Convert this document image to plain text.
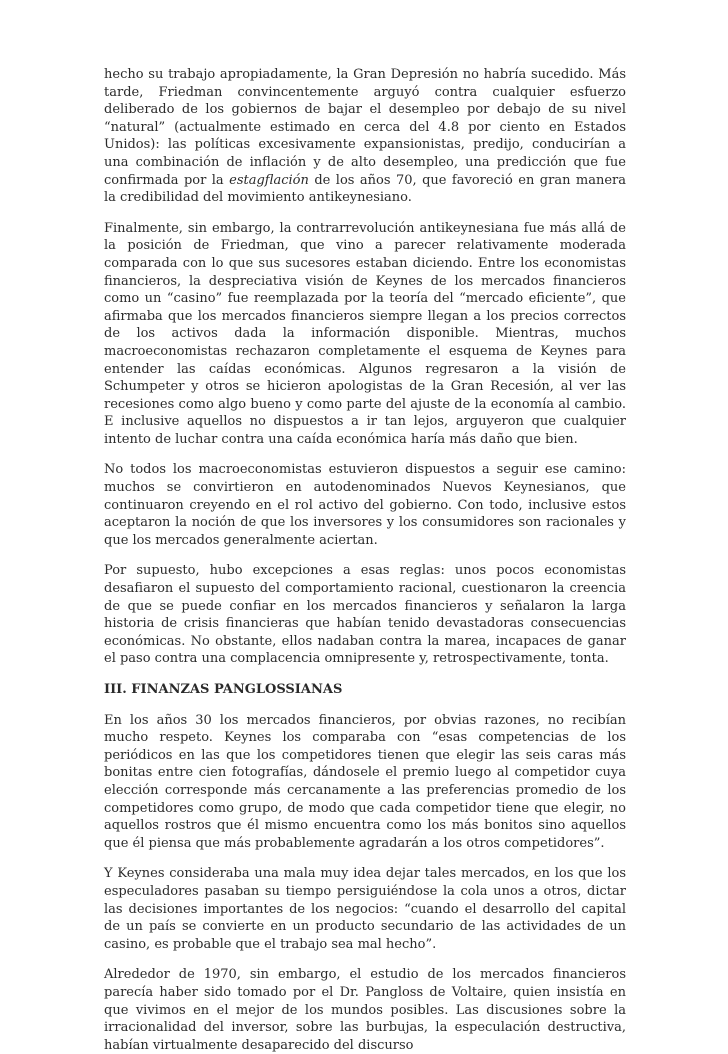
hecho su trabajo apropiadamente, la Gran Depresión no habría sucedido. Más tarde, Friedman convincentemente arguyó contra cualquier esfuerzo deliberado de los gobiernos de bajar el desempleo por debajo de su nivel “natural” (actualmente estimado en cerca del 4.8 por ciento en Estados Unidos): las políticas excesivamente expansionistas, predijo, conducirían a una combinación de inflación y de alto desempleo, una predicción que fue confirmada por la estagflación de los años 70, que favoreció en gran manera la credibilidad del movimiento antikeynesiano.

Finalmente, sin embargo, la contrarrevolución antikeynesiana fue más allá de la posición de Friedman, que vino a parecer relativamente moderada comparada con lo que sus sucesores estaban diciendo. Entre los economistas financieros, la despreciativa visión de Keynes de los mercados financieros como un “casino” fue reemplazada por la teoría del “mercado eficiente”, que afirmaba que los mercados financieros siempre llegan a los precios correctos de los activos dada la información disponible. Mientras, muchos macroeconomistas rechazaron completamente el esquema de Keynes para entender las caídas económicas. Algunos regresaron a la visión de Schumpeter y otros se hicieron apologistas de la Gran Recesión, al ver las recesiones como algo bueno y como parte del ajuste de la economía al cambio. E inclusive aquellos no dispuestos a ir tan lejos, arguyeron que cualquier intento de luchar contra una caída económica haría más daño que bien.

No todos los macroeconomistas estuvieron dispuestos a seguir ese camino: muchos se convirtieron en autodenominados Nuevos Keynesianos, que continuaron creyendo en el rol activo del gobierno. Con todo, inclusive estos aceptaron la noción de que los inversores y los consumidores son racionales y que los mercados generalmente aciertan.

Por supuesto, hubo excepciones a esas reglas: unos pocos economistas desafiaron el supuesto del comportamiento racional, cuestionaron la creencia de que se puede confiar en los mercados financieros y señalaron la larga historia de crisis financieras que habían tenido devastadoras consecuencias económicas. No obstante, ellos nadaban contra la marea, incapaces de ganar el paso contra una complacencia omnipresente y, retrospectivamente, tonta.

III. FINANZAS PANGLOSSIANAS

En los años 30 los mercados financieros, por obvias razones, no recibían mucho respeto. Keynes los comparaba con “esas competencias de los periódicos en las que los competidores tienen que elegir las seis caras más bonitas entre cien fotografías, dándosele el premio luego al competidor cuya elección corresponde más cercanamente a las preferencias promedio de los competidores como grupo, de modo que cada competidor tiene que elegir, no aquellos rostros que él mismo encuentra como los más bonitos sino aquellos que él piensa que más probablemente agradarán a los otros competidores”.

Y Keynes consideraba una mala muy idea dejar tales mercados, en los que los especuladores pasaban su tiempo persiguiéndose la cola unos a otros, dictar las decisiones importantes de los negocios: “cuando el desarrollo del capital de un país se convierte en un producto secundario de las actividades de un casino, es probable que el trabajo sea mal hecho”.

Alrededor de 1970, sin embargo, el estudio de los mercados financieros parecía haber sido tomado por el Dr. Pangloss de Voltaire, quien insistía en que vivimos en el mejor de los mundos posibles. Las discusiones sobre la irracionalidad del inversor, sobre las burbujas, la especulación destructiva, habían virtualmente desaparecido del discurso
